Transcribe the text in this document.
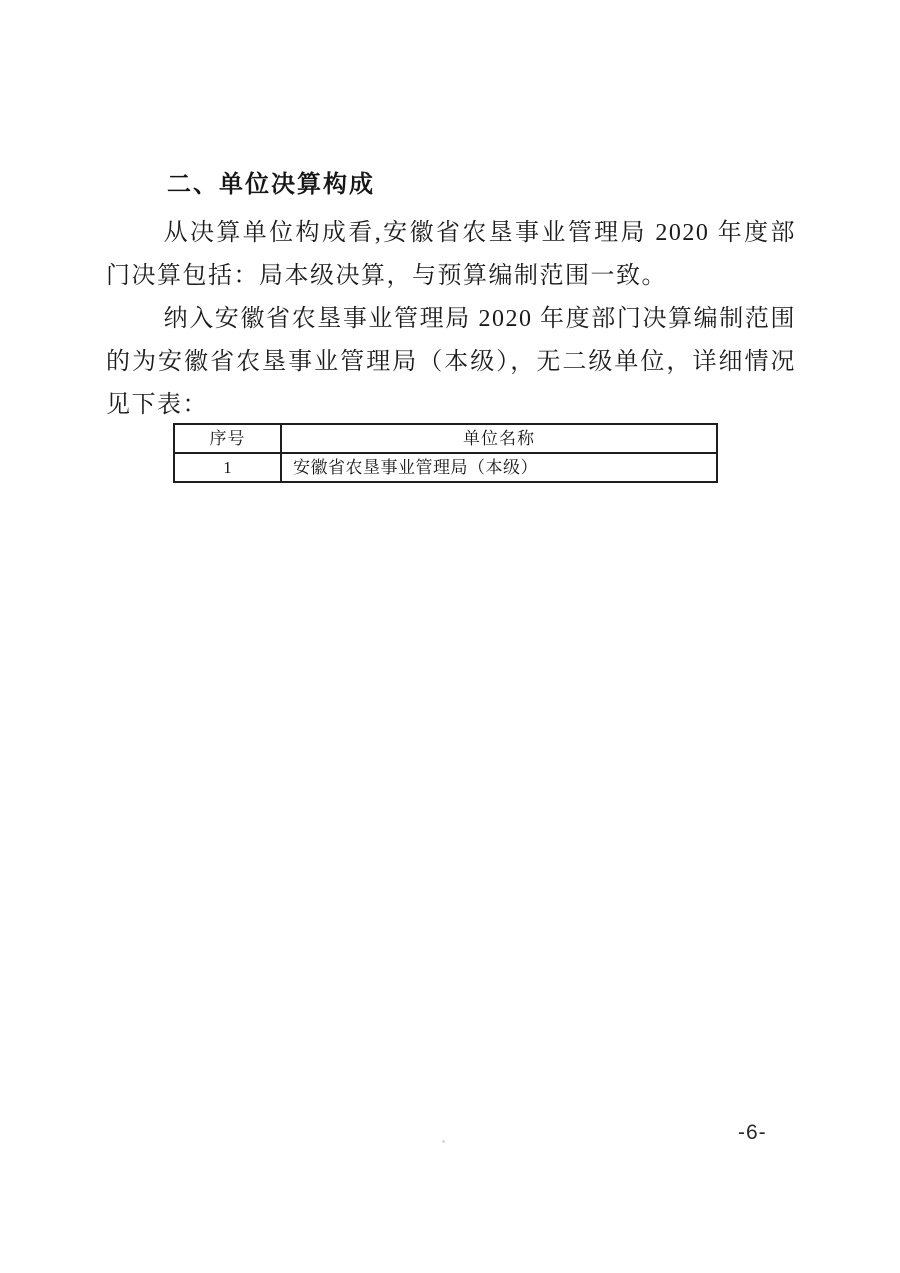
二、单位决算构成

从决算单位构成看,安徽省农垦事业管理局 2020 年度部门决算包括：局本级决算，与预算编制范围一致。

纳入安徽省农垦事业管理局 2020 年度部门决算编制范围的为安徽省农垦事业管理局（本级），无二级单位，详细情况见下表：

序号	单位名称
1	安徽省农垦事业管理局（本级）
-6-
